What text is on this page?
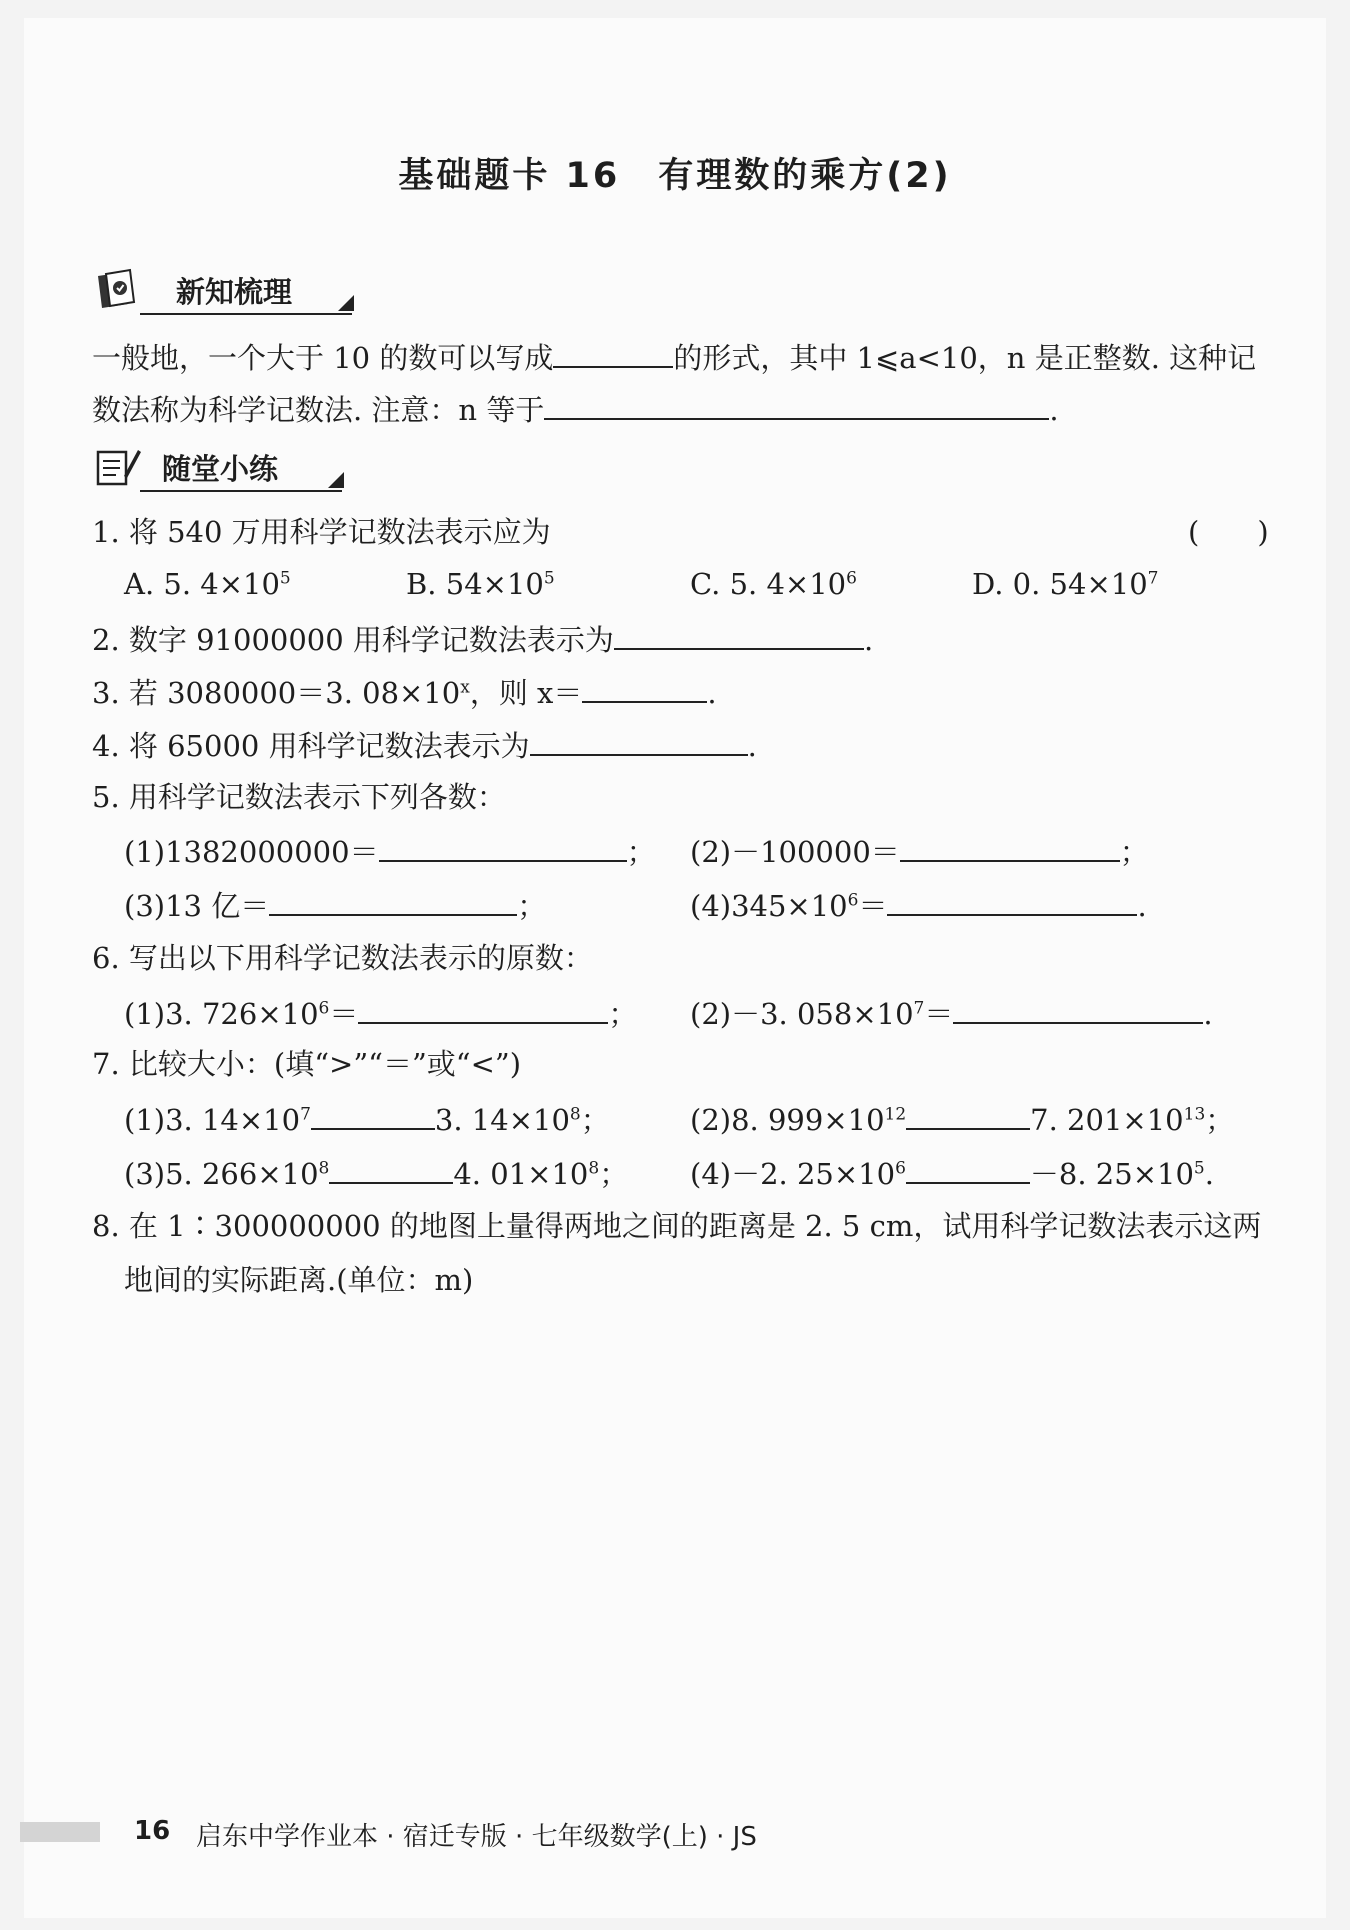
基础题卡 16 有理数的乘方(2)
新知梳理
一般地，一个大于 10 的数可以写成	的形式，其中 1⩽a<10，n 是正整数. 这种记
数法称为科学记数法. 注意：n 等于	.
随堂小练
1. 将 540 万用科学记数法表示应为	(　　)
A. 5. $4\times 10^5$	B. $54\times 10^5$	C. 5. $4\times 10^6$	D. 0. $54\times 10^7$
2. 数字 91000000 用科学记数法表示为	.
3. 若 3080000＝3. $08\times 10^x$，则 x＝	.
4. 将 65000 用科学记数法表示为	.
5. 用科学记数法表示下列各数：
(1)1382000000＝	； (2)－100000＝	；
(3)13 亿＝	；	$(4)345\times 10^6=$	.
6. 写出以下用科学记数法表示的原数：
(1)3. $726\times 10^6=$	； (2)－3. $058\times 10^7=$	.
7. 比较大小：(填“>”“＝”或“<”)
(1)3. $14\times 10^7$	3. $14\times 10^8$；	(2)8. $999\times 10^{12}$	7. $201\times 10^{13}$；
(3)5. $266\times 10^8$	4. $01\times 10^8$； (4)－2. $25\times 10^6$	－8. $25\times 10^5$.
8. 在 1∶300000000 的地图上量得两地之间的距离是 2. 5 cm，试用科学记数法表示这两
地间的实际距离.(单位：m)
16 启东中学作业本 · 宿迁专版 · 七年级数学(上) · JS
